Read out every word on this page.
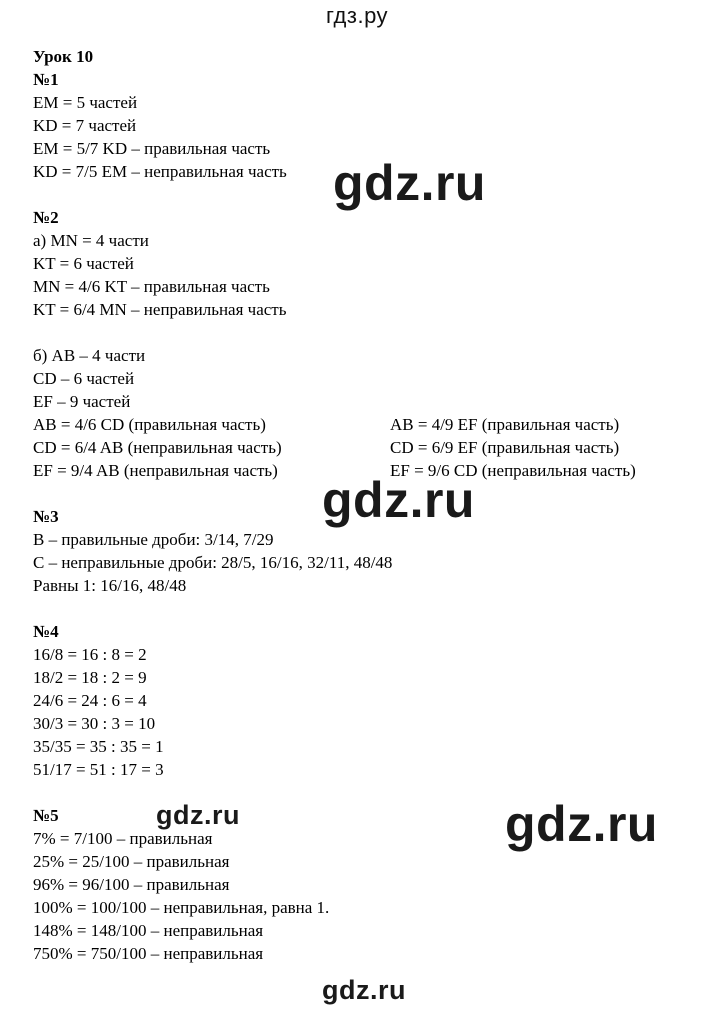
гдз.ру
Урок 10
№1
EM = 5 частей
KD = 7 частей
EM = 5/7 KD – правильная часть
KD = 7/5 EM – неправильная часть
№2
а) MN = 4 части
KT = 6 частей
MN = 4/6 KT – правильная часть
KT = 6/4 MN – неправильная часть
б) AB – 4 части
CD – 6 частей
EF – 9 частей
AB = 4/6 CD (правильная часть)
CD = 6/4 AB (неправильная часть)
EF = 9/4 AB (неправильная часть)
AB = 4/9 EF (правильная часть)
CD = 6/9 EF (правильная часть)
EF = 9/6 CD (неправильная часть)
№3
В – правильные дроби: 3/14, 7/29
С – неправильные дроби: 28/5, 16/16, 32/11, 48/48
Равны 1: 16/16, 48/48
№4
16/8 = 16 : 8 = 2
18/2 = 18 : 2 = 9
24/6 = 24 : 6 = 4
30/3 = 30 : 3 = 10
35/35 = 35 : 35 = 1
51/17 = 51 : 17 = 3
№5
7% = 7/100 – правильная
25% = 25/100 – правильная
96% = 96/100 – правильная
100% = 100/100 – неправильная, равна 1.
148% = 148/100 – неправильная
750% = 750/100 – неправильная
gdz.ru
gdz.ru
gdz.ru
gdz.ru
gdz.ru
